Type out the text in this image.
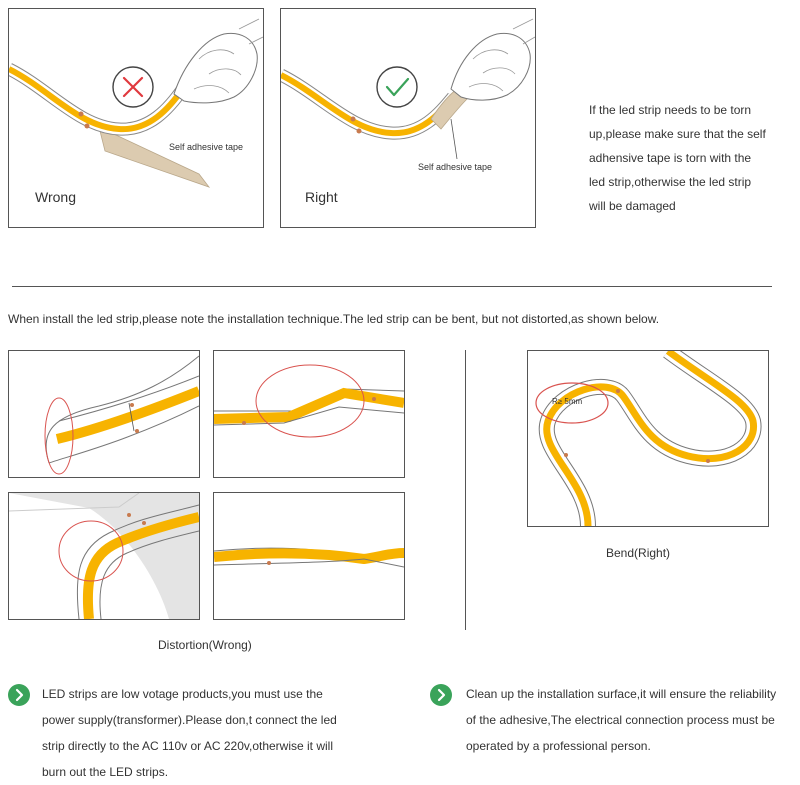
Self adhesive tape
Wrong
Self adhesive tape
Right
If the led strip needs to be torn
up,please make sure that the self
adhensive tape is torn with the
led strip,otherwise the led strip
will be damaged
When install the led strip,please note the installation technique.The led strip can be bent, but not distorted,as shown below.
Distortion(Wrong)
R≥ 5mm
Bend(Right)
LED strips are low votage products,you must use the
power supply(transformer).Please don,t connect the led
strip directly to the AC 110v or AC 220v,otherwise it will
burn out the LED strips.
Clean up the installation surface,it will ensure the reliability
of the adhesive,The electrical connection process must be
operated by a professional person.
